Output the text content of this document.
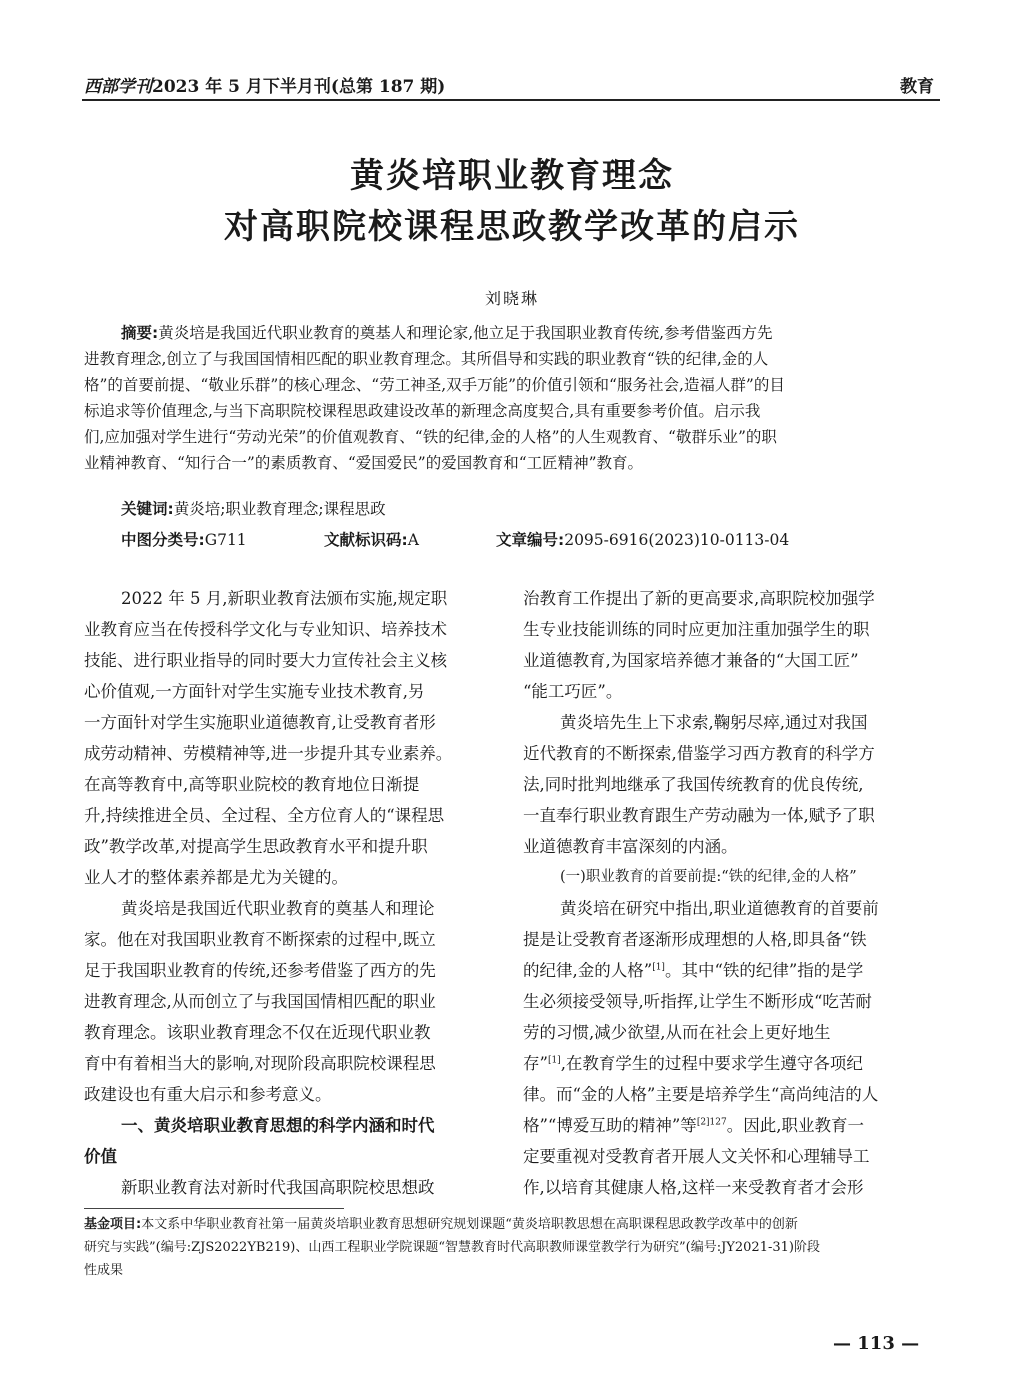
西部学刊2023 年 5 月下半月刊(总第 187 期)	教育
黄炎培职业教育理念
对高职院校课程思政教学改革的启示
刘晓琳
摘要:黄炎培是我国近代职业教育的奠基人和理论家,他立足于我国职业教育传统,参考借鉴西方先
进教育理念,创立了与我国国情相匹配的职业教育理念。其所倡导和实践的职业教育“铁的纪律,金的人
格”的首要前提、“敬业乐群”的核心理念、“劳工神圣,双手万能”的价值引领和“服务社会,造福人群”的目
标追求等价值理念,与当下高职院校课程思政建设改革的新理念高度契合,具有重要参考价值。启示我
们,应加强对学生进行“劳动光荣”的价值观教育、“铁的纪律,金的人格”的人生观教育、“敬群乐业”的职
业精神教育、“知行合一”的素质教育、“爱国爱民”的爱国教育和“工匠精神”教育。
关键词:黄炎培;职业教育理念;课程思政
中图分类号:G711	文献标识码:A	文章编号:2095-6916(2023)10-0113-04
2022 年 5 月,新职业教育法颁布实施,规定职
业教育应当在传授科学文化与专业知识、培养技术
技能、进行职业指导的同时要大力宣传社会主义核
心价值观,一方面针对学生实施专业技术教育,另
一方面针对学生实施职业道德教育,让受教育者形
成劳动精神、劳模精神等,进一步提升其专业素养。
在高等教育中,高等职业院校的教育地位日渐提
升,持续推进全员、全过程、全方位育人的“课程思
政”教学改革,对提高学生思政教育水平和提升职
业人才的整体素养都是尤为关键的。
黄炎培是我国近代职业教育的奠基人和理论
家。他在对我国职业教育不断探索的过程中,既立
足于我国职业教育的传统,还参考借鉴了西方的先
进教育理念,从而创立了与我国国情相匹配的职业
教育理念。该职业教育理念不仅在近现代职业教
育中有着相当大的影响,对现阶段高职院校课程思
政建设也有重大启示和参考意义。
一、黄炎培职业教育思想的科学内涵和时代
价值
新职业教育法对新时代我国高职院校思想政
治教育工作提出了新的更高要求,高职院校加强学
生专业技能训练的同时应更加注重加强学生的职
业道德教育,为国家培养德才兼备的“大国工匠”
“能工巧匠”。
黄炎培先生上下求索,鞠躬尽瘁,通过对我国
近代教育的不断探索,借鉴学习西方教育的科学方
法,同时批判地继承了我国传统教育的优良传统,
一直奉行职业教育跟生产劳动融为一体,赋予了职
业道德教育丰富深刻的内涵。
(一)职业教育的首要前提:“铁的纪律,金的人格”
黄炎培在研究中指出,职业道德教育的首要前
提是让受教育者逐渐形成理想的人格,即具备“铁
的纪律,金的人格”[1]。其中“铁的纪律”指的是学
生必须接受领导,听指挥,让学生不断形成“吃苦耐
劳的习惯,减少欲望,从而在社会上更好地生
存”[1],在教育学生的过程中要求学生遵守各项纪
律。而“金的人格”主要是培养学生“高尚纯洁的人
格”“博爱互助的精神”等$^{[2]127}$。因此,职业教育一
定要重视对受教育者开展人文关怀和心理辅导工
作,以培育其健康人格,这样一来受教育者才会形
基金项目:本文系中华职业教育社第一届黄炎培职业教育思想研究规划课题“黄炎培职教思想在高职课程思政教学改革中的创新
研究与实践”(编号:ZJS2022YB219)、山西工程职业学院课题“智慧教育时代高职教师课堂教学行为研究”(编号:JY2021-31)阶段
性成果
— 113 —
